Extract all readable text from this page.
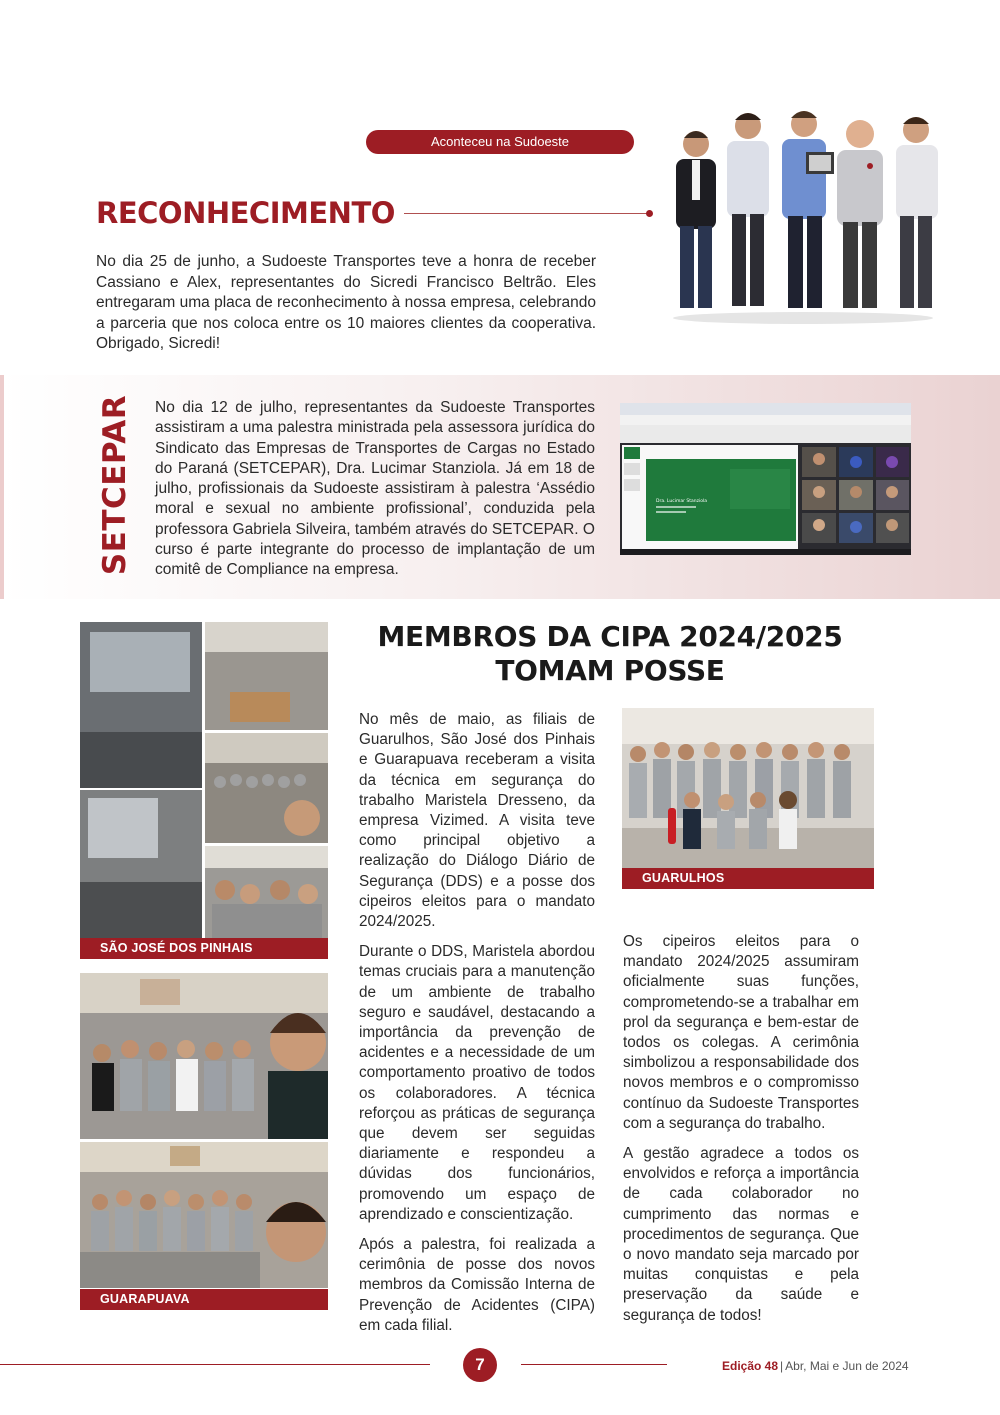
Aconteceu na Sudoeste
RECONHECIMENTO

No dia 25 de junho, a Sudoeste Transportes teve a honra de receber Cassiano e Alex, representantes do Sicredi Francisco Beltrão. Eles entregaram uma placa de reconhecimento à nossa empresa, celebrando a parceria que nos coloca entre os 10 maiores clientes da cooperativa. Obrigado, Sicredi!

SETCEPAR No dia 12 de julho, representantes da Sudoeste Transportes assistiram a uma palestra ministrada pela assessora jurídica do Sindicato das Empresas de Transportes de Cargas no Estado do Paraná (SETCEPAR), Dra. Lucimar Stanziola. Já em 18 de julho, profissionais da Sudoeste assistiram à palestra ‘Assédio moral e sexual no ambiente profissional’, conduzida pela professora Gabriela Silveira, também através do SETCEPAR. O curso é parte integrante do processo de implantação de um comitê de Compliance na empresa.

Dra. Lucimar Stanziola
MEMBROS DA CIPA 2024/2025
TOMAM POSSE
SÃO JOSÉ DOS PINHAIS
GUARAPUAVA

No mês de maio, as filiais de Guarulhos, São José dos Pinhais e Guarapuava receberam a visita da técnica em segurança do trabalho Maristela Dresseno, da empresa Vizimed. A visita teve como principal objetivo a realização do Diálogo Diário de Segurança (DDS) e a posse dos cipeiros eleitos para o mandato 2024/2025.

Durante o DDS, Maristela abordou temas cruciais para a manutenção de um ambiente de trabalho seguro e saudável, destacando a importância da prevenção de acidentes e a necessidade de um comportamento proativo de todos os colaboradores. A técnica reforçou as práticas de segurança que devem ser seguidas diariamente e respondeu a dúvidas dos funcionários, promovendo um espaço de aprendizado e conscientização.

Após a palestra, foi realizada a cerimônia de posse dos novos membros da Comissão Interna de Prevenção de Acidentes (CIPA) em cada filial.

GUARULHOS

Os cipeiros eleitos para o mandato 2024/2025 assumiram oficialmente suas funções, comprometendo-se a trabalhar em prol da segurança e bem-estar de todos os colegas. A cerimônia simbolizou a responsabilidade dos novos membros e o compromisso contínuo da Sudoeste Transportes com a segurança do trabalho.

A gestão agradece a todos os envolvidos e reforça a importância de cada colaborador no cumprimento das normas e procedimentos de segurança. Que o novo mandato seja marcado por muitas conquistas e pela preservação da saúde e segurança de todos!

7	Edição 48 | Abr, Mai e Jun de 2024
